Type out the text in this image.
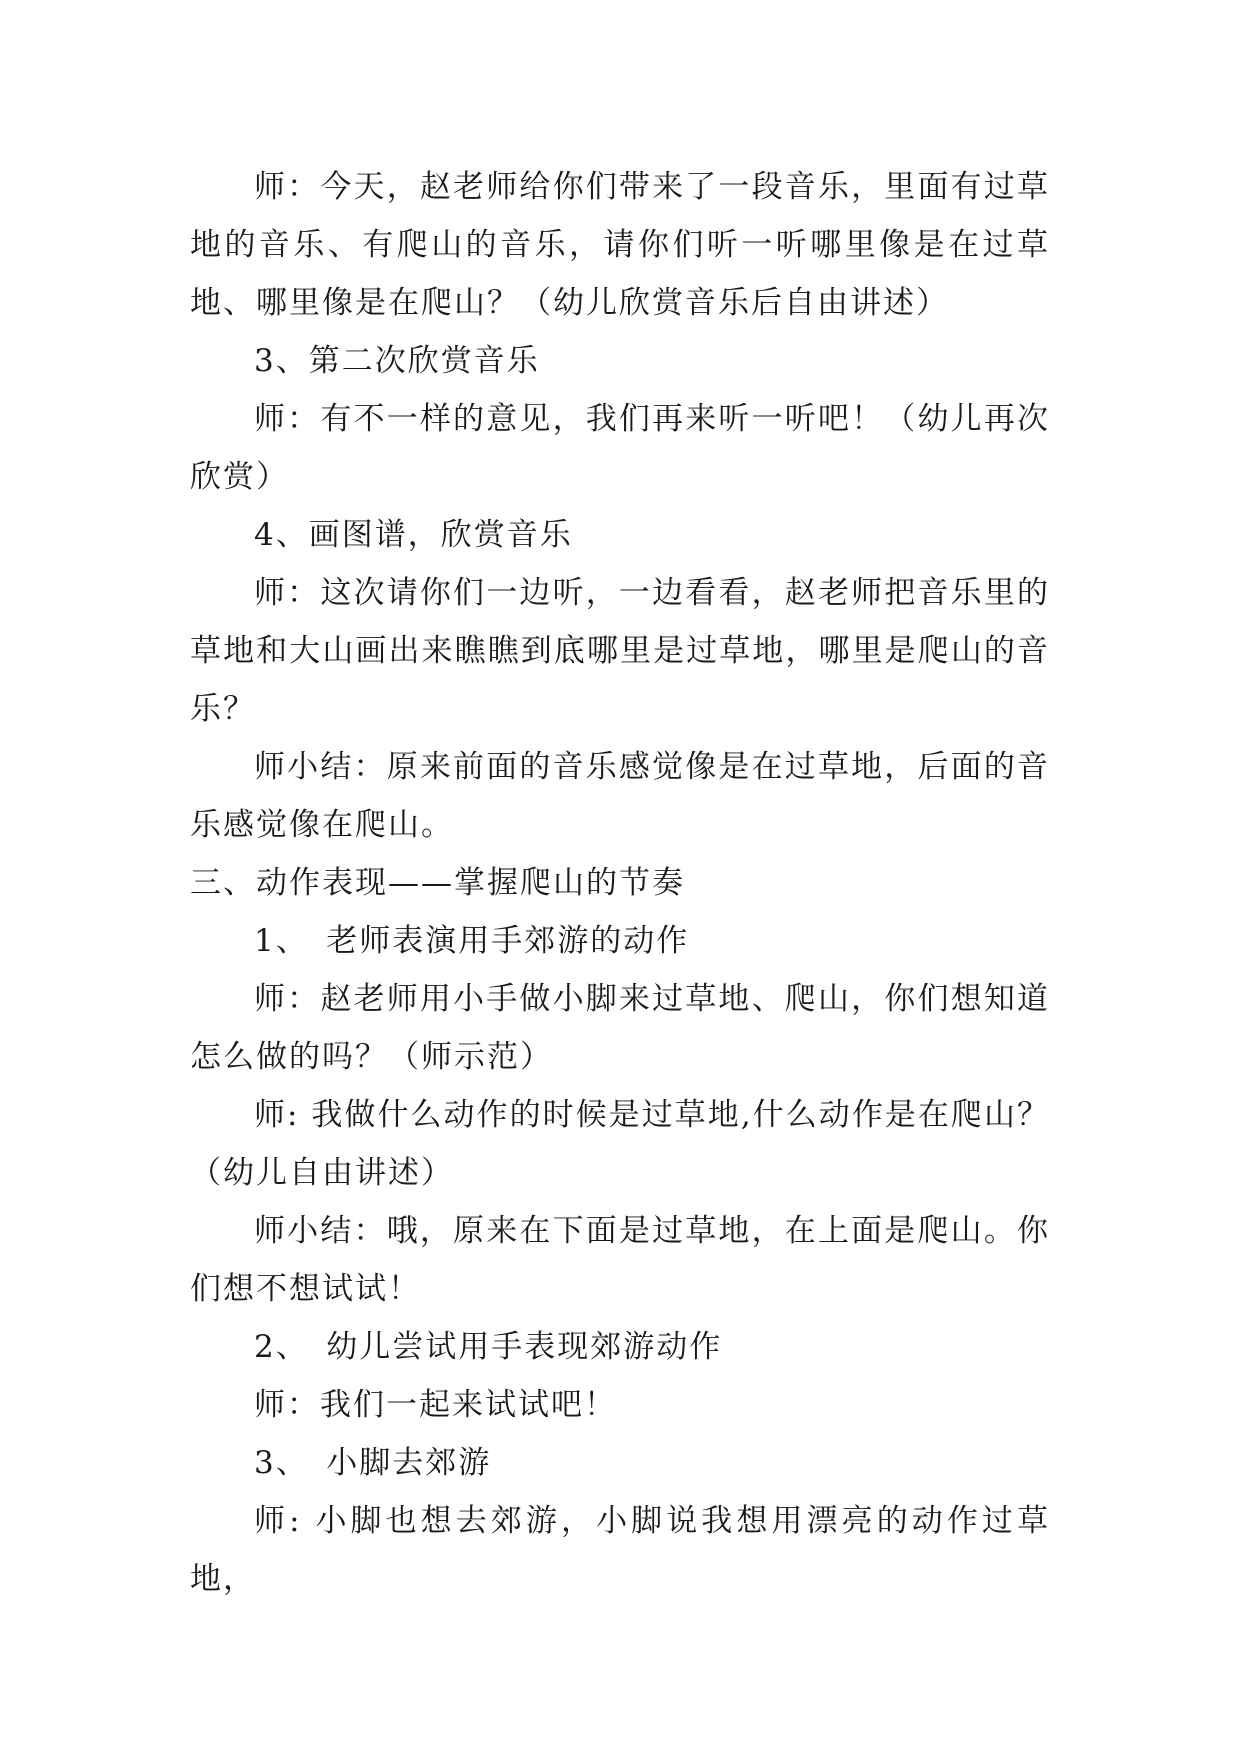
师：今天，赵老师给你们带来了一段音乐，里面有过草地的音乐、有爬山的音乐，请你们听一听哪里像是在过草地、哪里像是在爬山？（幼儿欣赏音乐后自由讲述）

3、第二次欣赏音乐

师：有不一样的意见，我们再来听一听吧！（幼儿再次欣赏）

4、画图谱，欣赏音乐

师：这次请你们一边听，一边看看，赵老师把音乐里的草地和大山画出来瞧瞧到底哪里是过草地，哪里是爬山的音乐？

师小结：原来前面的音乐感觉像是在过草地，后面的音乐感觉像在爬山。

三、动作表现——掌握爬山的节奏

1、　老师表演用手郊游的动作

师：赵老师用小手做小脚来过草地、爬山，你们想知道怎么做的吗？（师示范）

师: 我做什么动作的时候是过草地,什么动作是在爬山？（幼儿自由讲述）

师小结：哦，原来在下面是过草地，在上面是爬山。你们想不想试试！

2、　幼儿尝试用手表现郊游动作

师：我们一起来试试吧！

3、　小脚去郊游

师: 小脚也想去郊游，小脚说我想用漂亮的动作过草地，
